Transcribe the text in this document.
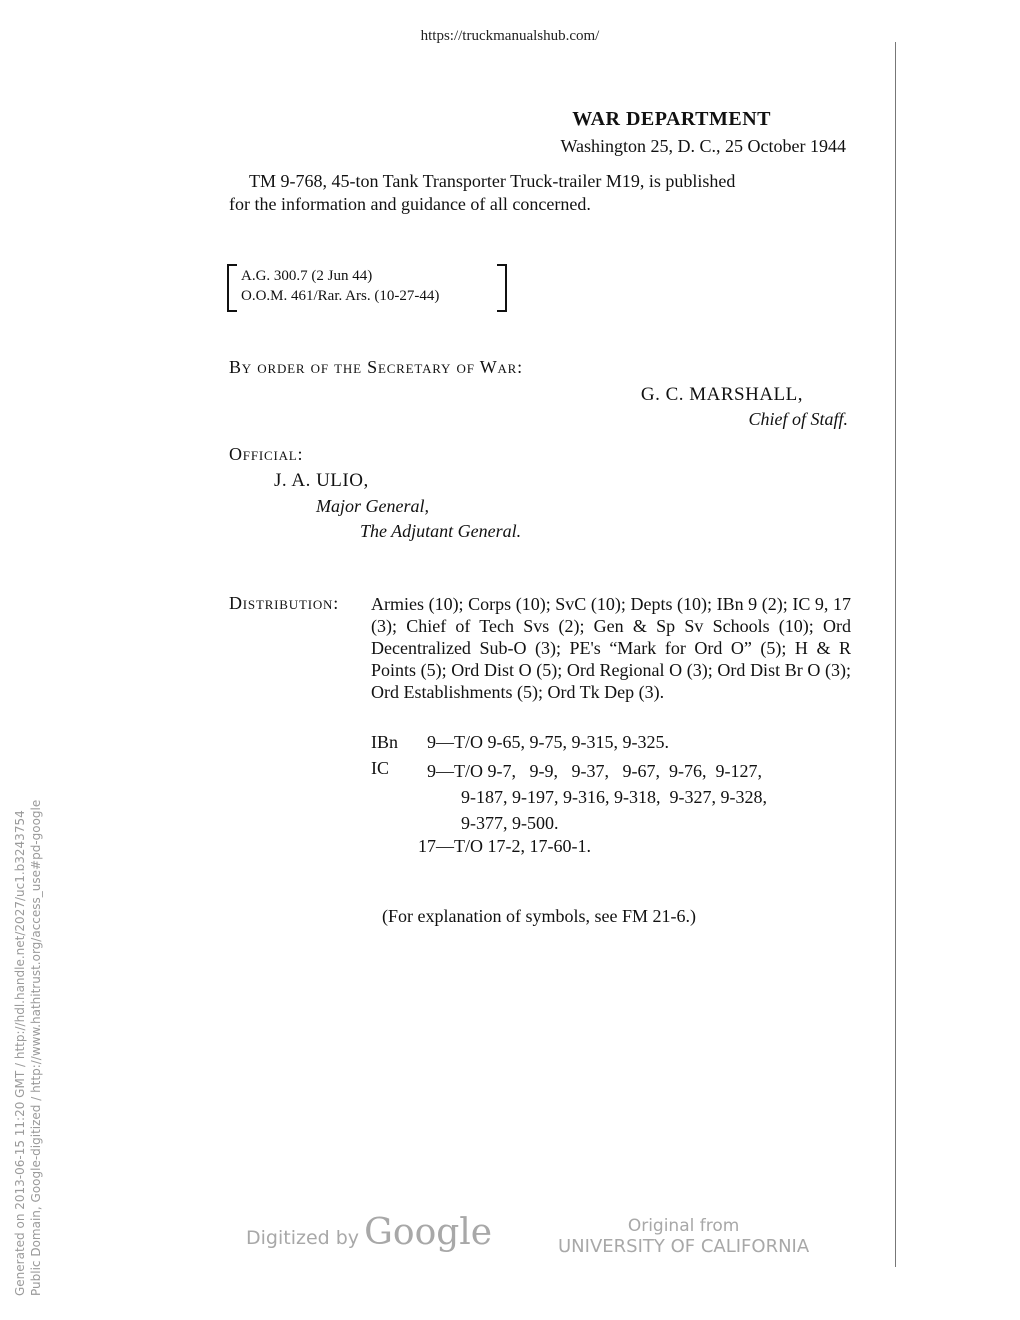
https://truckmanualshub.com/
WAR DEPARTMENT
Washington 25, D. C., 25 October 1944
TM 9-768, 45-ton Tank Transporter Truck-trailer M19, is published
for the information and guidance of all concerned.
A.G. 300.7 (2 Jun 44)
O.O.M. 461/Rar. Ars. (10-27-44)
By order of the Secretary of War:
G. C. MARSHALL,
Chief of Staff.
Official:
J. A. ULIO,
Major General,
The Adjutant General.
Distribution: Armies (10); Corps (10); SvC (10); Depts (10); IBn 9 (2); IC 9, 17 (3); Chief of Tech Svs (2); Gen & Sp Sv Schools (10); Ord Decentralized Sub-O (3); PE's “Mark for Ord O” (5); H & R Points (5); Ord Dist O (5); Ord Regional O (3); Ord Dist Br O (3); Ord Establishments (5); Ord Tk Dep (3).
IBn 9—T/O 9-65, 9-75, 9-315, 9-325.
IC 9—T/O 9-7,   9-9,   9-37,   9-67,  9-76,  9-127,
9-187, 9-197, 9-316, 9-318,  9-327, 9-328,
9-377, 9-500.
17—T/O 17-2, 17-60-1.
(For explanation of symbols, see FM 21-6.)
Generated on 2013-06-15 11:20 GMT / http://hdl.handle.net/2027/uc1.b3243754 Public Domain, Google-digitized / http://www.hathitrust.org/access_use#pd-google	Digitized by Google	Original from
UNIVERSITY OF CALIFORNIA
